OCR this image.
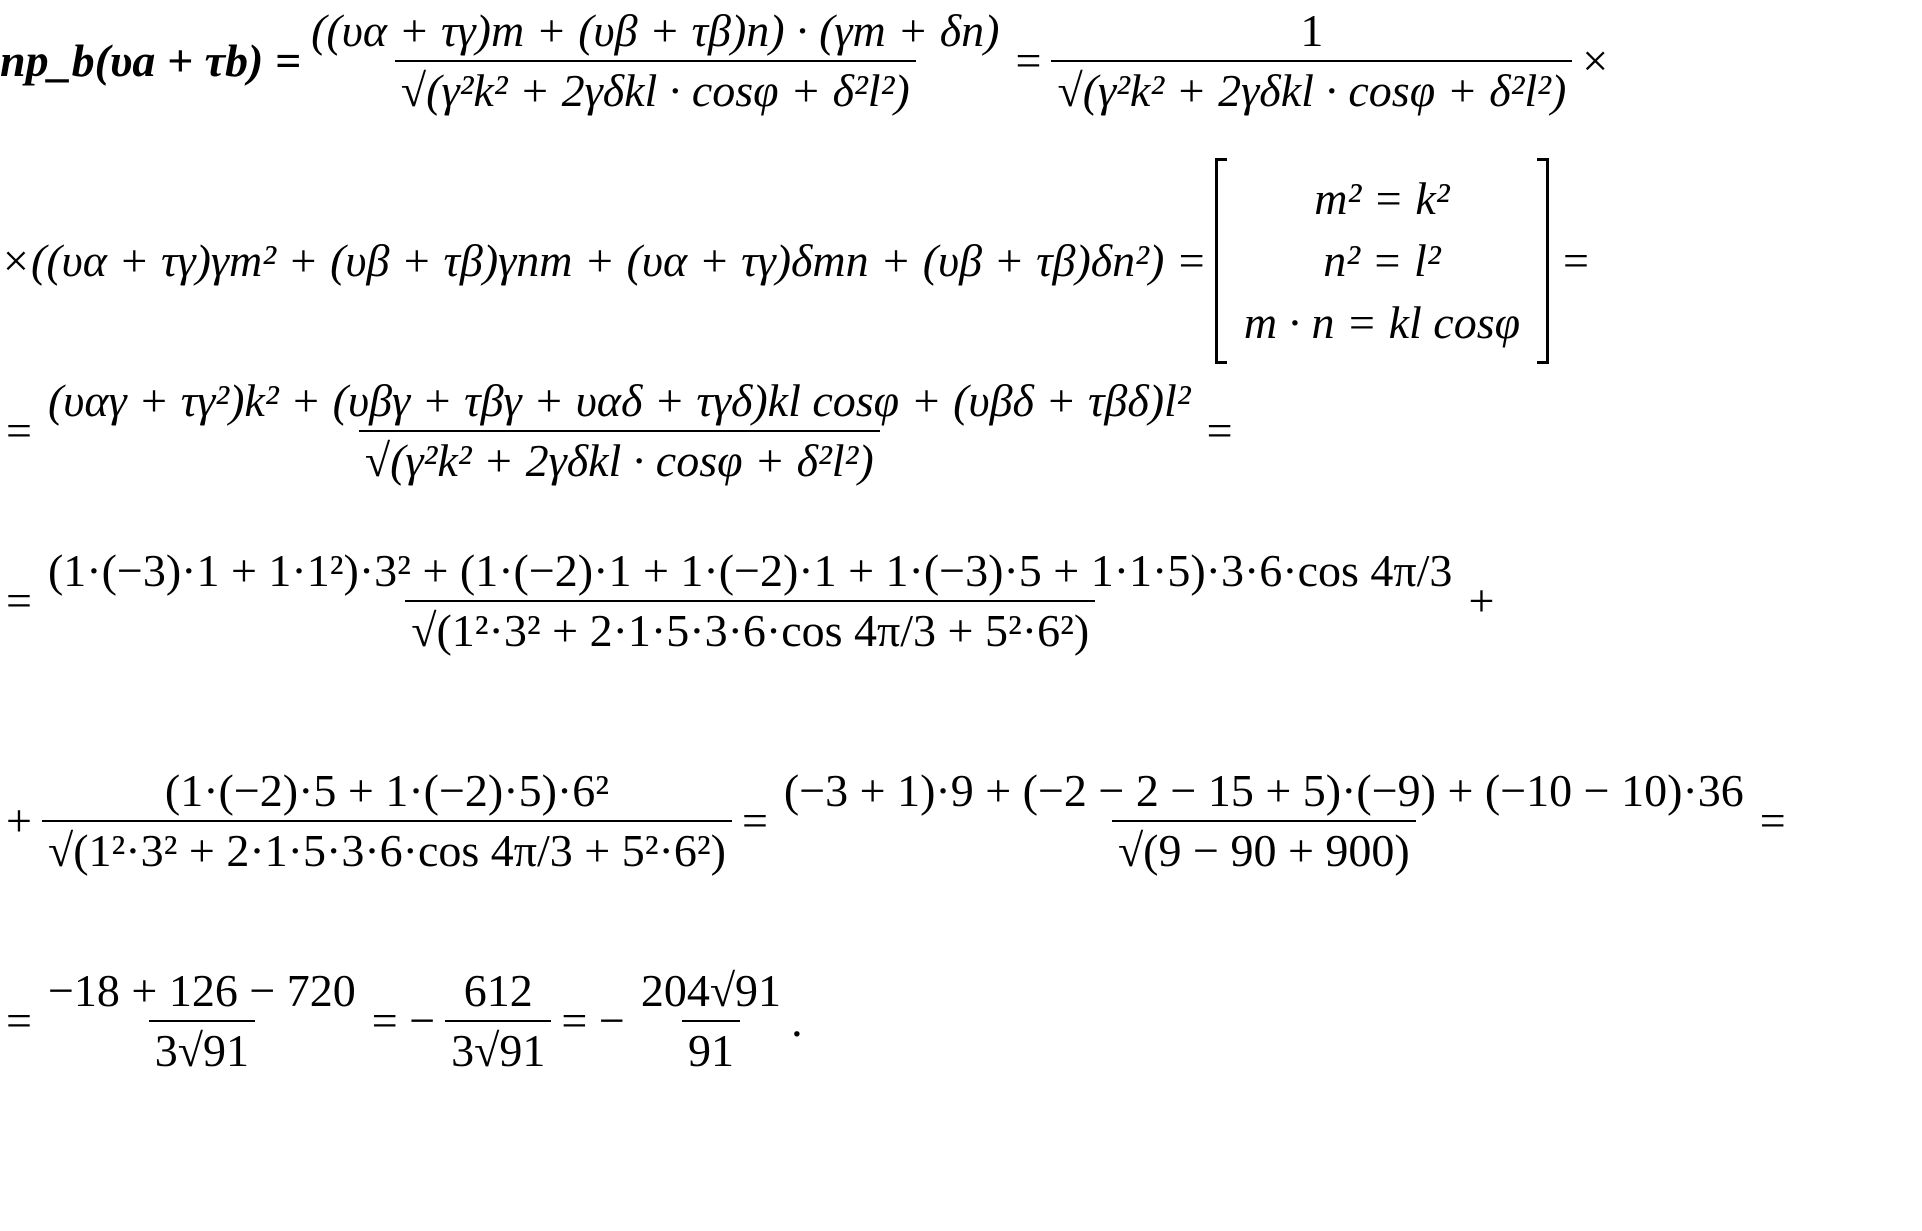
np_b(υa + $\tau b) = \frac{((\upsilon\alpha + \tau\gamma)m + (\upsilon\beta + \tau\beta)n) \cdot (\gamma m + \delta n)}{\text{√(γ²k² + 2γδkl · cosφ + δ²l²)}} = \frac{1}{\text{√(γ²k² + 2γδkl · cosφ + δ²l²)}}$ ×
×((υα + τγ)γm² + (υβ + τβ)γnm + (υα + τγ)δmn + (υβ + τβ)δn²) =
m² = k²
n² = l²
m · n = kl cosφ
=
=
(υαγ + τγ²)k² + (υβγ + τβγ + υαδ + τγδ)kl cosφ + (υβδ + τβδ)l²
√(γ²k² + 2γδkl · cosφ + δ²l²)
=
=
(1·(−3)·1 + 1·1²)·3² + (1·(−2)·1 + 1·(−2)·1 + 1·(−3)·5 + 1·1·5)·3·6·cos 4π/3
√(1²·3² + 2·1·5·3·6·cos 4π/3 + 5²·6²)
+
+ $\frac{\text{(1·(−2)·5 + 1·(−2)·5)·6²}}{\text{√(1²·3² + 2·1·5·3·6·cos 4π/3 + 5²·6²)}} = \frac{(-3 + 1)\cdot 9 + (-2 - 2 - 15 + 5)\cdot(-9) + (-10 - 10)\cdot 36}{√(9 - 90 + 900)}$ =
= $\frac{-18 + 126 - 720}{3√91}$ = − $\frac{612}{3√91}$ = − $\frac{204√91}{91}$ .
